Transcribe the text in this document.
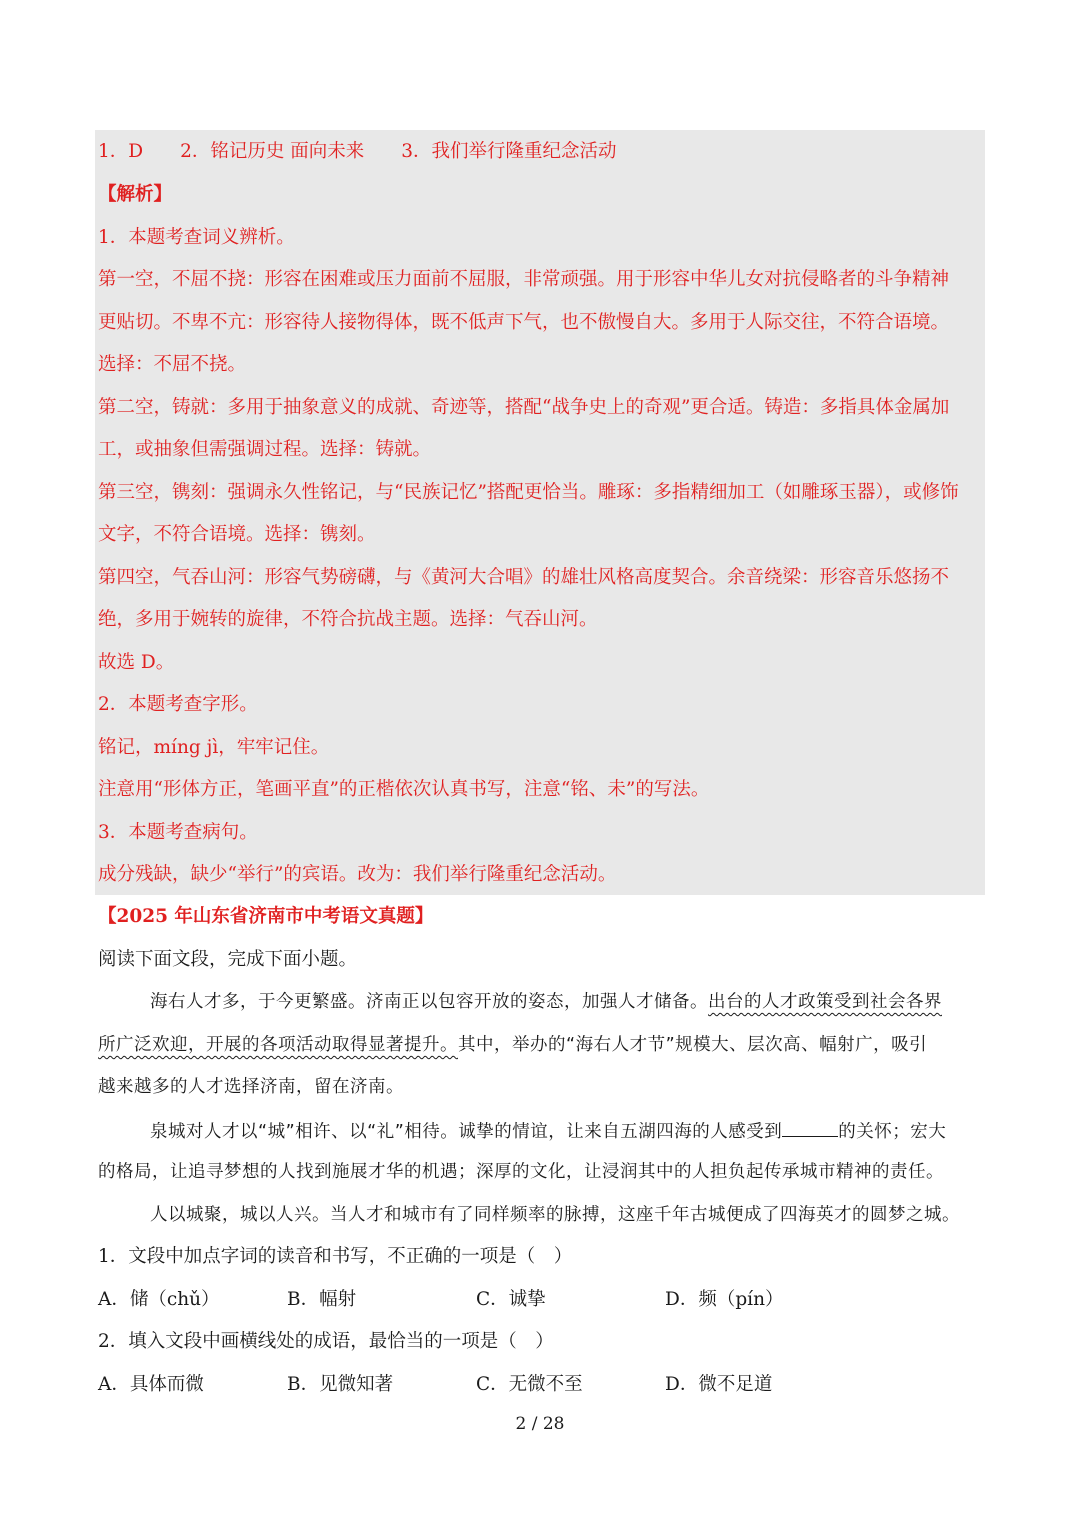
1．D　　2．铭记历史 面向未来　　3．我们举行隆重纪念活动
【解析】
1．本题考查词义辨析。
第一空，不屈不挠：形容在困难或压力面前不屈服，非常顽强。用于形容中华儿女对抗侵略者的斗争精神
更贴切。不卑不亢：形容待人接物得体，既不低声下气，也不傲慢自大。多用于人际交往，不符合语境。
选择：不屈不挠。
第二空，铸就：多用于抽象意义的成就、奇迹等，搭配“战争史上的奇观”更合适。铸造：多指具体金属加
工，或抽象但需强调过程。选择：铸就。
第三空，镌刻：强调永久性铭记，与“民族记忆”搭配更恰当。雕琢：多指精细加工（如雕琢玉器），或修饰
文字，不符合语境。选择：镌刻。
第四空，气吞山河：形容气势磅礴，与《黄河大合唱》的雄壮风格高度契合。余音绕梁：形容音乐悠扬不
绝，多用于婉转的旋律，不符合抗战主题。选择：气吞山河。
故选 D。
2．本题考查字形。
铭记，míng jì，牢牢记住。
注意用“形体方正，笔画平直”的正楷依次认真书写，注意“铭、未”的写法。
3．本题考查病句。
成分残缺，缺少“举行”的宾语。改为：我们举行隆重纪念活动。
【2025 年山东省济南市中考语文真题】
阅读下面文段，完成下面小题。
海右人才多，于今更繁盛。济南正以包容开放的姿态，加强人才储备。出台的人才政策受到社会各界
所广泛欢迎，开展的各项活动取得显著提升。其中，举办的“海右人才节”规模大、层次高、幅射广，吸引
越来越多的人才选择济南，留在济南。
泉城对人才以“城”相许、以“礼”相待。诚挚的情谊，让来自五湖四海的人感受到	的关怀；宏大
的格局，让追寻梦想的人找到施展才华的机遇；深厚的文化，让浸润其中的人担负起传承城市精神的责任。
人以城聚，城以人兴。当人才和城市有了同样频率的脉搏，这座千年古城便成了四海英才的圆梦之城。
1．文段中加点字词的读音和书写，不正确的一项是（　）
A．储（chǔ）	B．幅射	C．诚挚	D．频（pín）
2．填入文段中画横线处的成语，最恰当的一项是（　）
A．具体而微	B．见微知著	C．无微不至	D．微不足道
2 / 28
